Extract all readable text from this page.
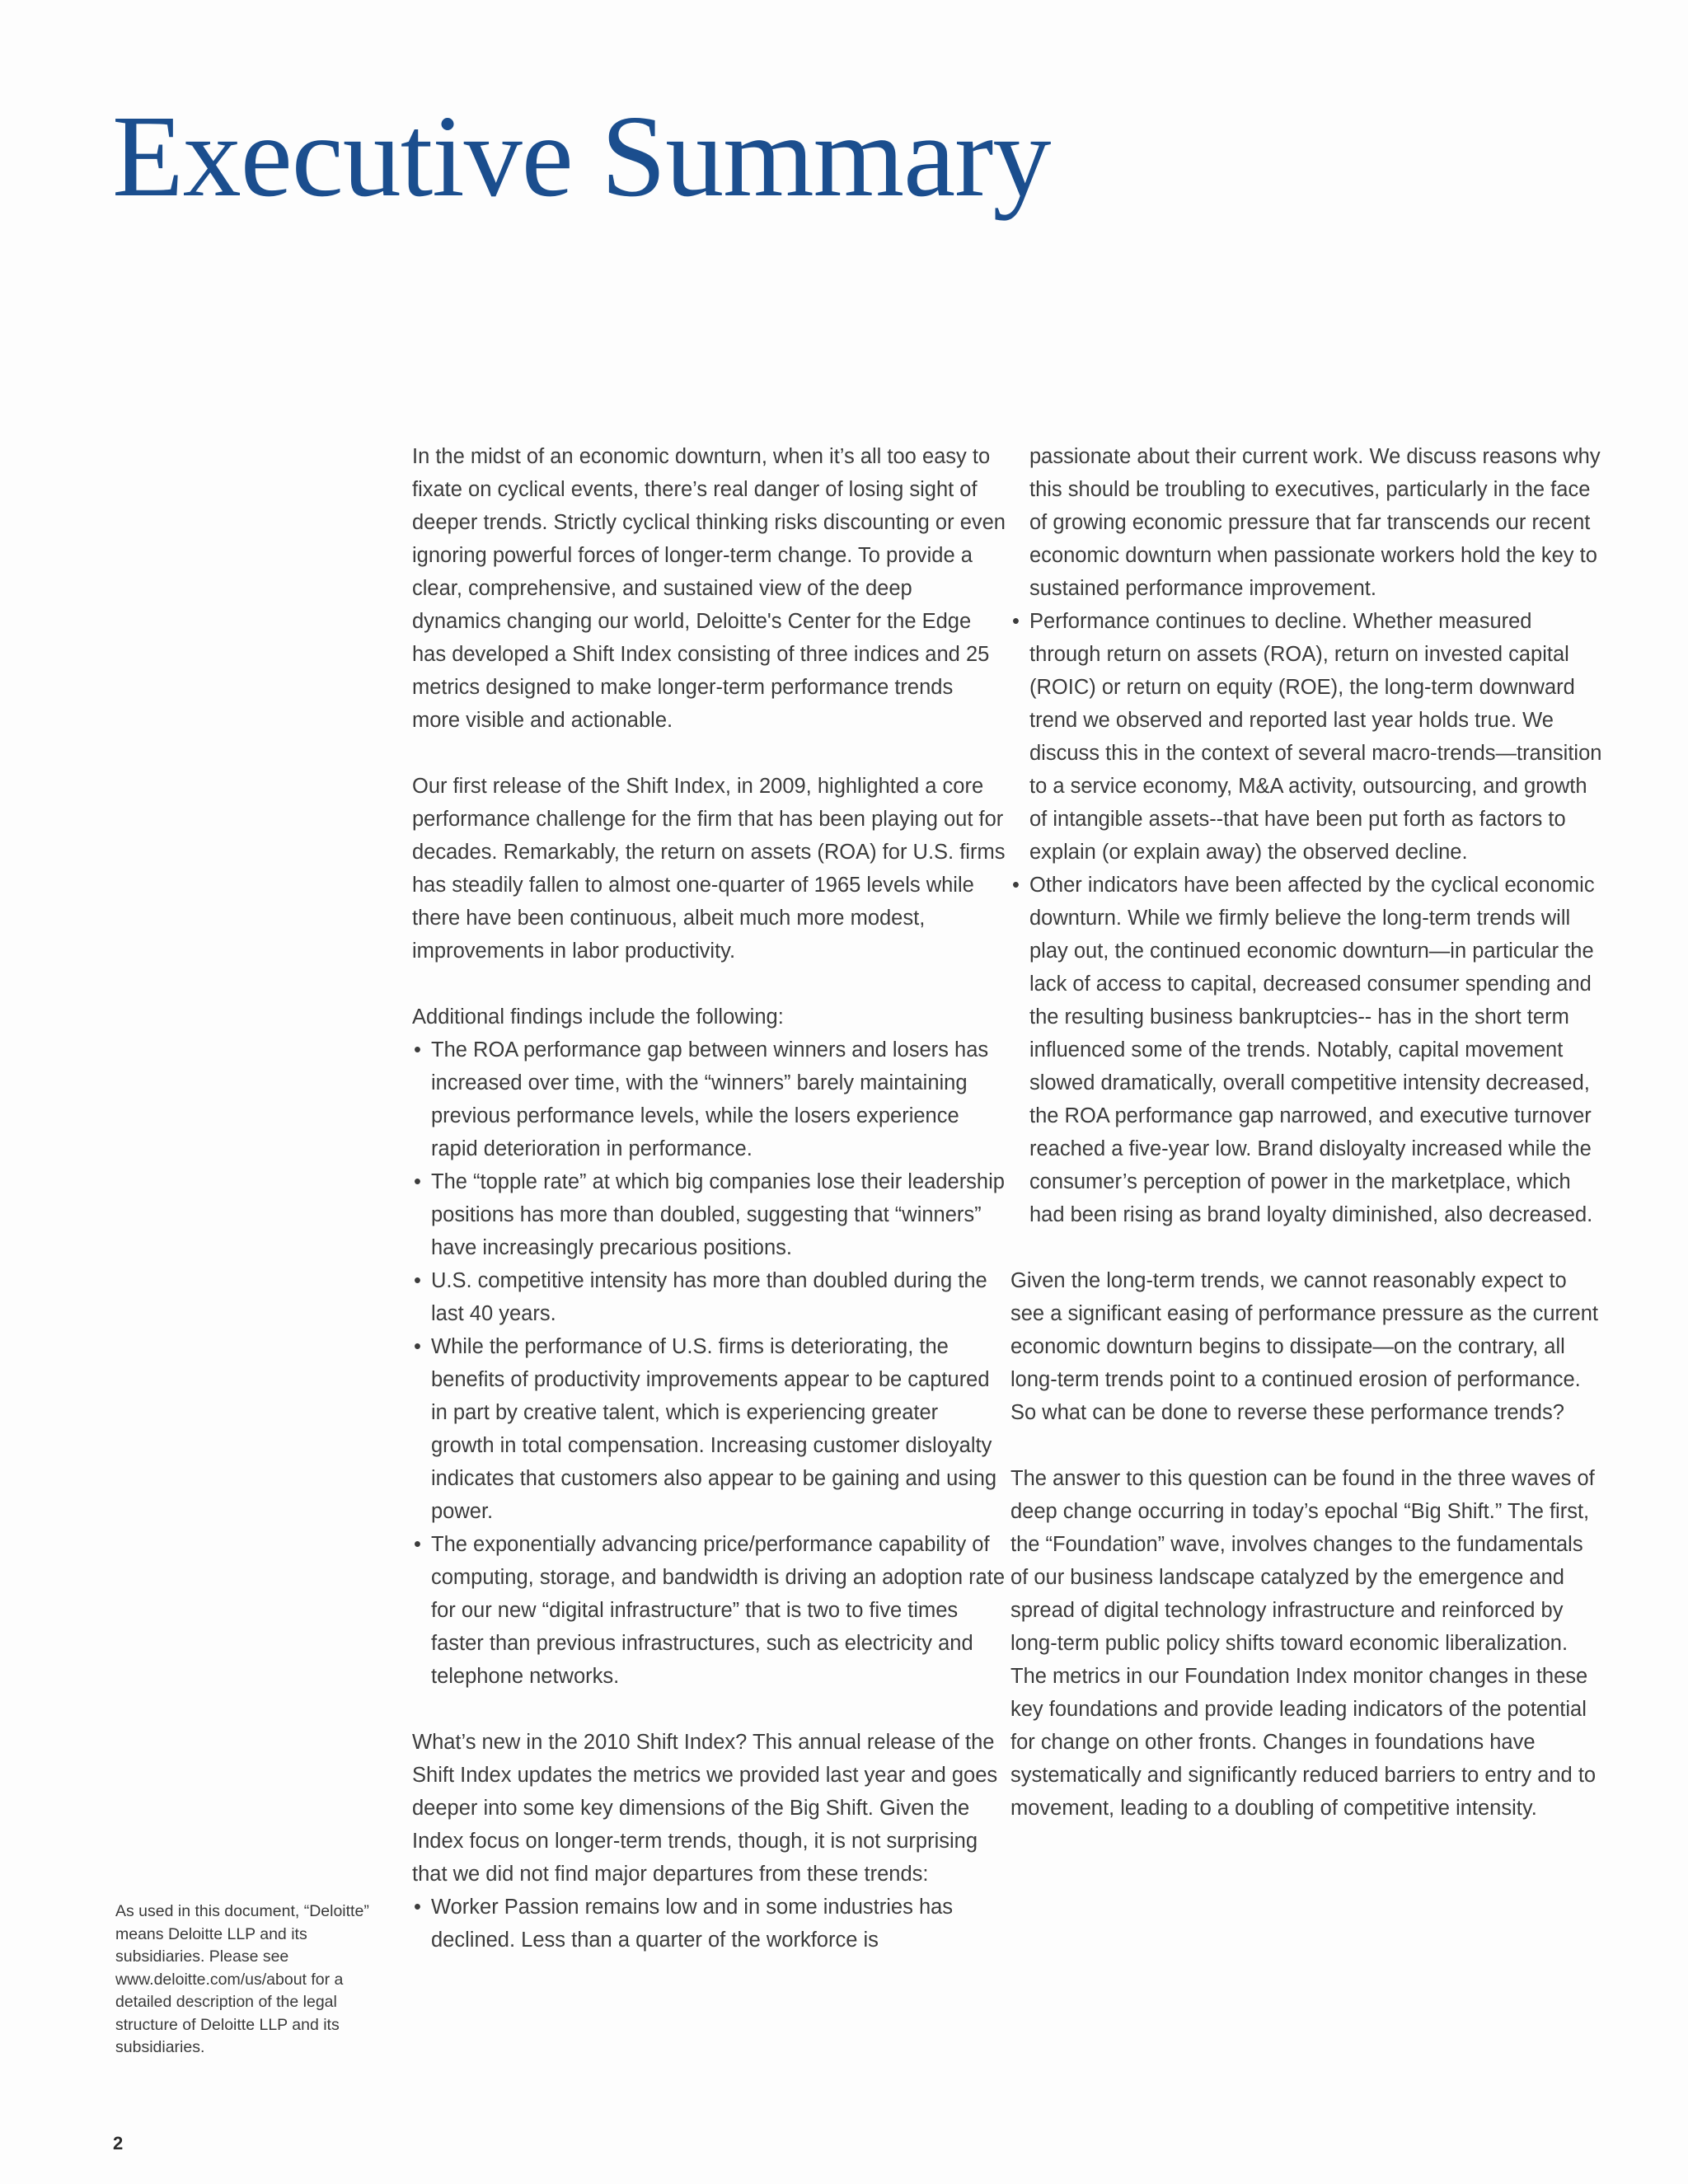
Executive Summary

In the midst of an economic downturn, when it’s all too easy to fixate on cyclical events, there’s real danger of losing sight of deeper trends. Strictly cyclical thinking risks discounting or even ignoring powerful forces of longer-term change. To provide a clear, comprehensive, and sustained view of the deep dynamics changing our world, Deloitte's Center for the Edge has developed a Shift Index consisting of three indices and 25 metrics designed to make longer-term performance trends more visible and actionable.

Our first release of the Shift Index, in 2009, highlighted a core performance challenge for the firm that has been playing out for decades. Remarkably, the return on assets (ROA) for U.S. firms has steadily fallen to almost one-quarter of 1965 levels while there have been continuous, albeit much more modest, improvements in labor productivity.

Additional findings include the following:

• The ROA performance gap between winners and losers has increased over time, with the “winners” barely maintaining previous performance levels, while the losers experience rapid deterioration in performance.
• The “topple rate” at which big companies lose their leadership positions has more than doubled, suggesting that “winners” have increasingly precarious positions.
• U.S. competitive intensity has more than doubled during the last 40 years.
• While the performance of U.S. firms is deteriorating, the benefits of productivity improvements appear to be captured in part by creative talent, which is experiencing greater growth in total compensation. Increasing customer disloyalty indicates that customers also appear to be gaining and using power.
• The exponentially advancing price/performance capability of computing, storage, and bandwidth is driving an adoption rate for our new “digital infrastructure” that is two to five times faster than previous infrastructures, such as electricity and telephone networks.

What’s new in the 2010 Shift Index? This annual release of the Shift Index updates the metrics we provided last year and goes deeper into some key dimensions of the Big Shift. Given the Index focus on longer-term trends, though, it is not surprising that we did not find major departures from these trends:

• Worker Passion remains low and in some industries has declined. Less than a quarter of the workforce is
passionate about their current work. We discuss reasons why this should be troubling to executives, particularly in the face of growing economic pressure that far transcends our recent economic downturn when passionate workers hold the key to sustained performance improvement.
• Performance continues to decline. Whether measured through return on assets (ROA), return on invested capital (ROIC) or return on equity (ROE), the long-term downward trend we observed and reported last year holds true. We discuss this in the context of several macro-trends—transition to a service economy, M&A activity, outsourcing, and growth of intangible assets--that have been put forth as factors to explain (or explain away) the observed decline.
• Other indicators have been affected by the cyclical economic downturn. While we firmly believe the long-term trends will play out, the continued economic downturn—in particular the lack of access to capital, decreased consumer spending and the resulting business bankruptcies-- has in the short term influenced some of the trends. Notably, capital movement slowed dramatically, overall competitive intensity decreased, the ROA performance gap narrowed, and executive turnover reached a five-year low. Brand disloyalty increased while the consumer’s perception of power in the marketplace, which had been rising as brand loyalty diminished, also decreased.

Given the long-term trends, we cannot reasonably expect to see a significant easing of performance pressure as the current economic downturn begins to dissipate—on the contrary, all long-term trends point to a continued erosion of performance. So what can be done to reverse these performance trends?

The answer to this question can be found in the three waves of deep change occurring in today’s epochal “Big Shift.” The first, the “Foundation” wave, involves changes to the fundamentals of our business landscape catalyzed by the emergence and spread of digital technology infrastructure and reinforced by long-term public policy shifts toward economic liberalization. The metrics in our Foundation Index monitor changes in these key foundations and provide leading indicators of the potential for change on other fronts. Changes in foundations have systematically and significantly reduced barriers to entry and to movement, leading to a doubling of competitive intensity.

As used in this document, “Deloitte” means Deloitte LLP and its subsidiaries. Please see www.deloitte.com/us/about for a detailed description of the legal structure of Deloitte LLP and its subsidiaries.
2
